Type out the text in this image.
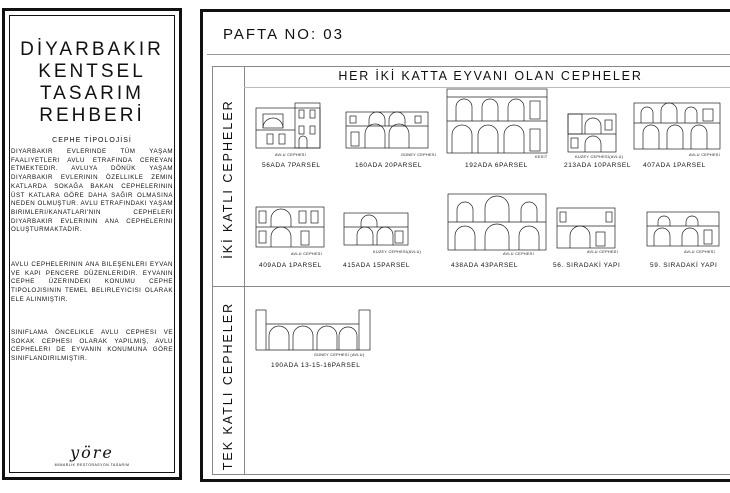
DİYARBAKIR
KENTSEL
TASARIM
REHBERİ
CEPHE TİPOLOJİSİ
DIYARBAKIR EVLERINDE TÜM YAŞAM FAALIYETLERI AVLU ETRAFINDA CEREYAN ETMEKTEDIR. AVLUYA DÖNÜK YAŞAM DIYARBAKIR EVLERININ ÖZELLIKLE ZEMIN KATLARDA SOKAĞA BAKAN CEPHELERININ ÜST KATLARA GÖRE DAHA SAĞIR OLMASINA NEDEN OLMUŞTUR. AVLU ETRAFINDAKI YAŞAM BIRIMLERI/KANATLARI'NIN CEPHELERI DIYARBAKIR EVLERININ ANA CEPHELERINI OLUŞTURMAKTADIR.
AVLU CEPHELERININ ANA BILEŞENLERI EYVAN VE KAPI PENCERE DÜZENLERIDIR. EYVANIN CEPHE ÜZERINDEKI KONUMU CEPHE TIPOLOJISININ TEMEL BELIRLEYICISI OLARAK ELE ALINMIŞTIR.
SINIFLAMA ÖNCELIKLE AVLU CEPHESI VE SOKAK CEPHESI OLARAK YAPILMIŞ, AVLU CEPHELERI DE EYVANIN KONUMUNA GÖRE SINIFLANDIRILMIŞTIR.
yöre
MİMARLIK RESTORASYON TASARIM
PAFTA NO: 03
HER İKİ KATTA EYVANI OLAN CEPHELER
İKİ KATLI CEPHELER
TEK KATLI CEPHELER
AVLU CEPHESİ
56ADA 7PARSEL
GÜNEY CEPHESİ
160ADA 20PARSEL
KESİT
192ADA 6PARSEL
KUZEY CEPHESİ(AVLU)
213ADA 10PARSEL
AVLU CEPHESİ
407ADA 1PARSEL
AVLU CEPHESİ
409ADA 1PARSEL
KUZEY CEPHESİ(AVLU)
415ADA 15PARSEL
AVLU CEPHESİ
438ADA 43PARSEL
AVLU CEPHESİ
56. SIRADAKİ YAPI
AVLU CEPHESİ
59. SIRADAKİ YAPI
GÜNEY CEPHESİ (AVLU)
190ADA 13-15-16PARSEL
